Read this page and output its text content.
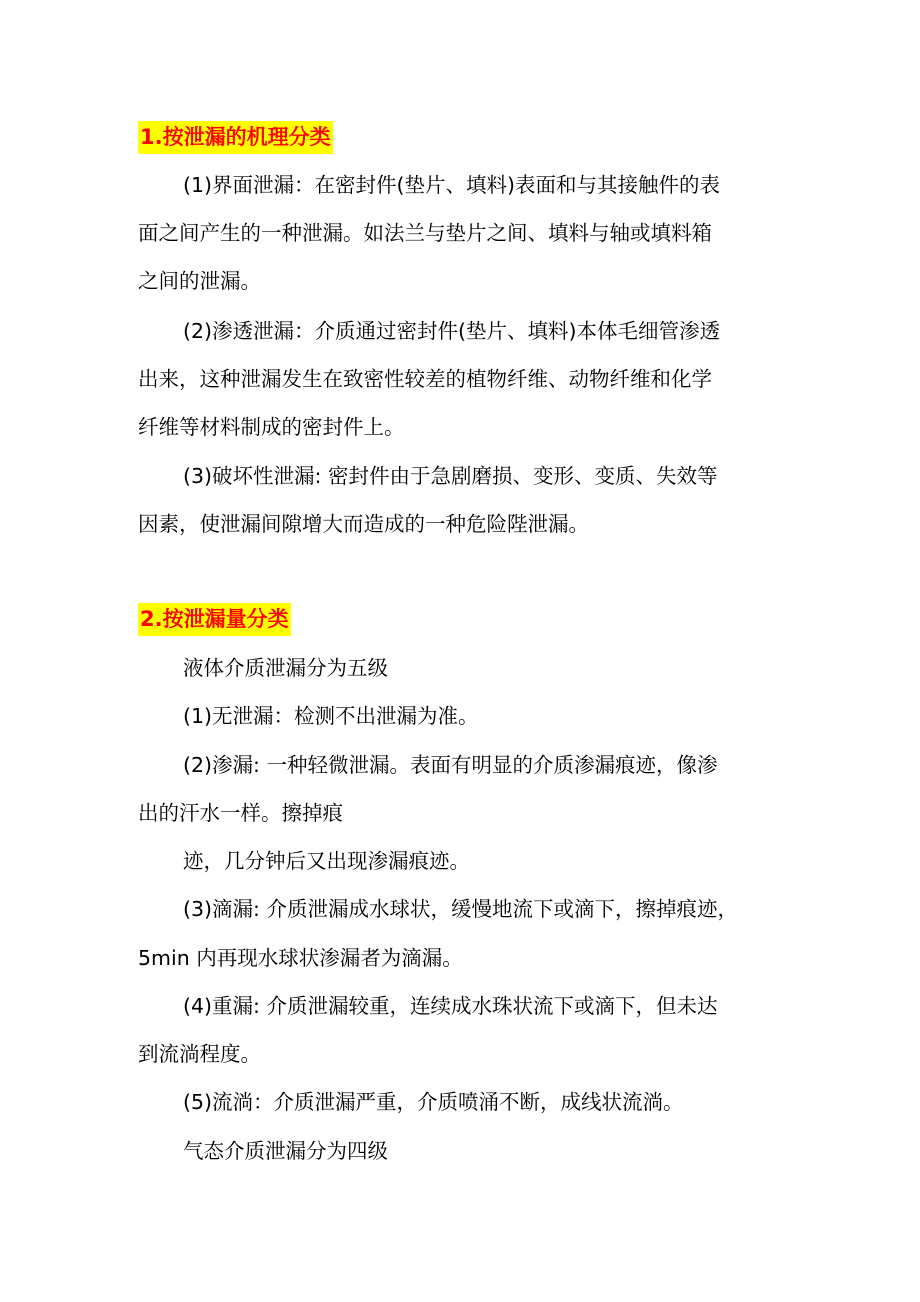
1.按泄漏的机理分类
(1)界面泄漏：在密封件(垫片、填料)表面和与其接触件的表
面之间产生的一种泄漏。如法兰与垫片之间、填料与轴或填料箱
之间的泄漏。
(2)渗透泄漏：介质通过密封件(垫片、填料)本体毛细管渗透
出来，这种泄漏发生在致密性较差的植物纤维、动物纤维和化学
纤维等材料制成的密封件上。
(3)破坏性泄漏: 密封件由于急剧磨损、变形、变质、失效等
因素，使泄漏间隙增大而造成的一种危险陛泄漏。
2.按泄漏量分类
液体介质泄漏分为五级
(1)无泄漏：检测不出泄漏为准。
(2)渗漏: 一种轻微泄漏。表面有明显的介质渗漏痕迹，像渗
出的汗水一样。擦掉痕
迹，几分钟后又出现渗漏痕迹。
(3)滴漏: 介质泄漏成水球状，缓慢地流下或滴下，擦掉痕迹，
5min 内再现水球状渗漏者为滴漏。
(4)重漏: 介质泄漏较重，连续成水珠状流下或滴下，但未达
到流淌程度。
(5)流淌：介质泄漏严重，介质喷涌不断，成线状流淌。
气态介质泄漏分为四级
